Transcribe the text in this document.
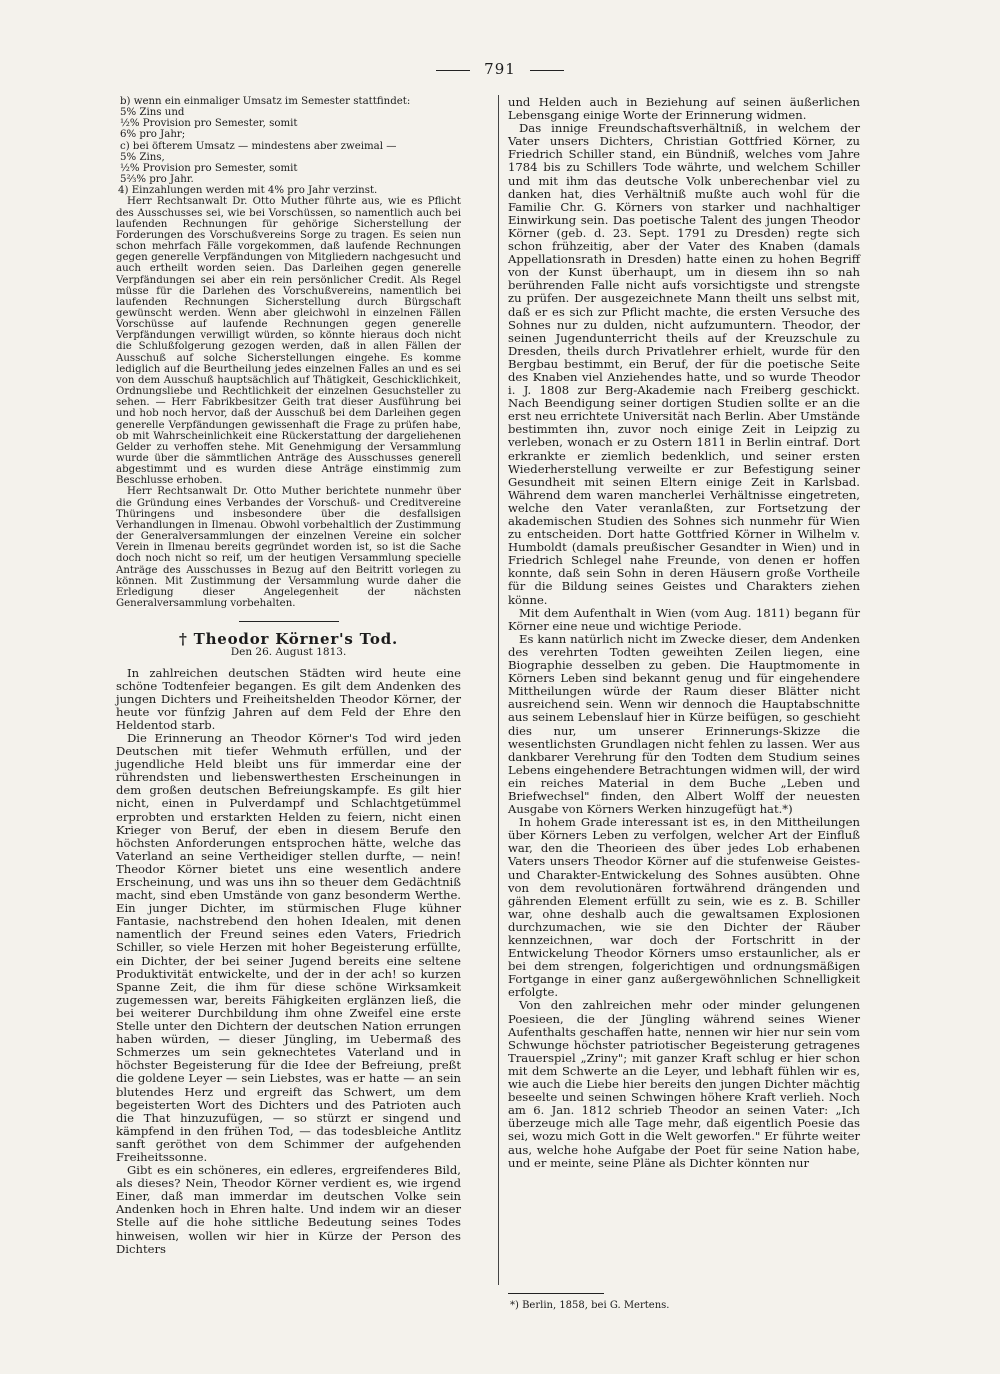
791

b) wenn ein einmaliger Umsatz im Semester stattfindet:

5% Zins und

½% Provision pro Semester, somit

6% pro Jahr;

c) bei öfterem Umsatz — mindestens aber zweimal —

5% Zins,

½% Provision pro Semester, somit

5⅔% pro Jahr.

4) Einzahlungen werden mit 4% pro Jahr verzinst.

Herr Rechtsanwalt Dr. Otto Muther führte aus, wie es Pflicht des Ausschusses sei, wie bei Vorschüssen, so namentlich auch bei laufenden Rechnungen für gehörige Sicherstellung der Forderungen des Vorschußvereins Sorge zu tragen. Es seien nun schon mehrfach Fälle vorgekommen, daß laufende Rechnungen gegen generelle Verpfändungen von Mitgliedern nachgesucht und auch ertheilt worden seien. Das Darleihen gegen generelle Verpfändungen sei aber ein rein persönlicher Credit. Als Regel müsse für die Darlehen des Vorschußvereins, namentlich bei laufenden Rechnungen Sicherstellung durch Bürgschaft gewünscht werden. Wenn aber gleichwohl in einzelnen Fällen Vorschüsse auf laufende Rechnungen gegen generelle Verpfändungen verwilligt würden, so könnte hieraus doch nicht die Schlußfolgerung gezogen werden, daß in allen Fällen der Ausschuß auf solche Sicherstellungen eingehe. Es komme lediglich auf die Beurtheilung jedes einzelnen Falles an und es sei von dem Ausschuß hauptsächlich auf Thätigkeit, Geschicklichkeit, Ordnungsliebe und Rechtlichkeit der einzelnen Gesuchsteller zu sehen. — Herr Fabrikbesitzer Geith trat dieser Ausführung bei und hob noch hervor, daß der Ausschuß bei dem Darleihen gegen generelle Verpfändungen gewissenhaft die Frage zu prüfen habe, ob mit Wahrscheinlichkeit eine Rückerstattung der dargeliehenen Gelder zu verhoffen stehe. Mit Genehmigung der Versammlung wurde über die sämmtlichen Anträge des Ausschusses generell abgestimmt und es wurden diese Anträge einstimmig zum Beschlusse erhoben.

Herr Rechtsanwalt Dr. Otto Muther berichtete nunmehr über die Gründung eines Verbandes der Vorschuß- und Creditvereine Thüringens und insbesondere über die desfallsigen Verhandlungen in Ilmenau. Obwohl vorbehaltlich der Zustimmung der Generalversammlungen der einzelnen Vereine ein solcher Verein in Ilmenau bereits gegründet worden ist, so ist die Sache doch noch nicht so reif, um der heutigen Versammlung specielle Anträge des Ausschusses in Bezug auf den Beitritt vorlegen zu können. Mit Zustimmung der Versammlung wurde daher die Erledigung dieser Angelegenheit der nächsten Generalversammlung vorbehalten.

† Theodor Körner's Tod.
Den 26. August 1813.

In zahlreichen deutschen Städten wird heute eine schöne Todtenfeier begangen. Es gilt dem Andenken des jungen Dichters und Freiheitshelden Theodor Körner, der heute vor fünfzig Jahren auf dem Feld der Ehre den Heldentod starb.

Die Erinnerung an Theodor Körner's Tod wird jeden Deutschen mit tiefer Wehmuth erfüllen, und der jugendliche Held bleibt uns für immerdar eine der rührendsten und liebenswerthesten Erscheinungen in dem großen deutschen Befreiungskampfe. Es gilt hier nicht, einen in Pulverdampf und Schlachtgetümmel erprobten und erstarkten Helden zu feiern, nicht einen Krieger von Beruf, der eben in diesem Berufe den höchsten Anforderungen entsprochen hätte, welche das Vaterland an seine Vertheidiger stellen durfte, — nein! Theodor Körner bietet uns eine wesentlich andere Erscheinung, und was uns ihn so theuer dem Gedächtniß macht, sind eben Umstände von ganz besonderm Werthe. Ein junger Dichter, im stürmischen Fluge kühner Fantasie, nachstrebend den hohen Idealen, mit denen namentlich der Freund seines eden Vaters, Friedrich Schiller, so viele Herzen mit hoher Begeisterung erfüllte, ein Dichter, der bei seiner Jugend bereits eine seltene Produktivität entwickelte, und der in der ach! so kurzen Spanne Zeit, die ihm für diese schöne Wirksamkeit zugemessen war, bereits Fähigkeiten erglänzen ließ, die bei weiterer Durchbildung ihm ohne Zweifel eine erste Stelle unter den Dichtern der deutschen Nation errungen haben würden, — dieser Jüngling, im Uebermaß des Schmerzes um sein geknechtetes Vaterland und in höchster Begeisterung für die Idee der Befreiung, preßt die goldene Leyer — sein Liebstes, was er hatte — an sein blutendes Herz und ergreift das Schwert, um dem begeisterten Wort des Dichters und des Patrioten auch die That hinzuzufügen, — so stürzt er singend und kämpfend in den frühen Tod, — das todesbleiche Antlitz sanft geröthet von dem Schimmer der aufgehenden Freiheitssonne.

Gibt es ein schöneres, ein edleres, ergreifenderes Bild, als dieses? Nein, Theodor Körner verdient es, wie irgend Einer, daß man immerdar im deutschen Volke sein Andenken hoch in Ehren halte. Und indem wir an dieser Stelle auf die hohe sittliche Bedeutung seines Todes hinweisen, wollen wir hier in Kürze der Person des Dichters

und Helden auch in Beziehung auf seinen äußerlichen Lebensgang einige Worte der Erinnerung widmen.

Das innige Freundschaftsverhältniß, in welchem der Vater unsers Dichters, Christian Gottfried Körner, zu Friedrich Schiller stand, ein Bündniß, welches vom Jahre 1784 bis zu Schillers Tode währte, und welchem Schiller und mit ihm das deutsche Volk unberechenbar viel zu danken hat, dies Verhältniß mußte auch wohl für die Familie Chr. G. Körners von starker und nachhaltiger Einwirkung sein. Das poetische Talent des jungen Theodor Körner (geb. d. 23. Sept. 1791 zu Dresden) regte sich schon frühzeitig, aber der Vater des Knaben (damals Appellationsrath in Dresden) hatte einen zu hohen Begriff von der Kunst überhaupt, um in diesem ihn so nah berührenden Falle nicht aufs vorsichtigste und strengste zu prüfen. Der ausgezeichnete Mann theilt uns selbst mit, daß er es sich zur Pflicht machte, die ersten Versuche des Sohnes nur zu dulden, nicht aufzumuntern. Theodor, der seinen Jugendunterricht theils auf der Kreuzschule zu Dresden, theils durch Privatlehrer erhielt, wurde für den Bergbau bestimmt, ein Beruf, der für die poetische Seite des Knaben viel Anziehendes hatte, und so wurde Theodor i. J. 1808 zur Berg-Akademie nach Freiberg geschickt. Nach Beendigung seiner dortigen Studien sollte er an die erst neu errichtete Universität nach Berlin. Aber Umstände bestimmten ihn, zuvor noch einige Zeit in Leipzig zu verleben, wonach er zu Ostern 1811 in Berlin eintraf. Dort erkrankte er ziemlich bedenklich, und seiner ersten Wiederherstellung verweilte er zur Befestigung seiner Gesundheit mit seinen Eltern einige Zeit in Karlsbad. Während dem waren mancherlei Verhältnisse eingetreten, welche den Vater veranlaßten, zur Fortsetzung der akademischen Studien des Sohnes sich nunmehr für Wien zu entscheiden. Dort hatte Gottfried Körner in Wilhelm v. Humboldt (damals preußischer Gesandter in Wien) und in Friedrich Schlegel nahe Freunde, von denen er hoffen konnte, daß sein Sohn in deren Häusern große Vortheile für die Bildung seines Geistes und Charakters ziehen könne.

Mit dem Aufenthalt in Wien (vom Aug. 1811) begann für Körner eine neue und wichtige Periode.

Es kann natürlich nicht im Zwecke dieser, dem Andenken des verehrten Todten geweihten Zeilen liegen, eine Biographie desselben zu geben. Die Hauptmomente in Körners Leben sind bekannt genug und für eingehendere Mittheilungen würde der Raum dieser Blätter nicht ausreichend sein. Wenn wir dennoch die Hauptabschnitte aus seinem Lebenslauf hier in Kürze beifügen, so geschieht dies nur, um unserer Erinnerungs-Skizze die wesentlichsten Grundlagen nicht fehlen zu lassen. Wer aus dankbarer Verehrung für den Todten dem Studium seines Lebens eingehendere Betrachtungen widmen will, der wird ein reiches Material in dem Buche „Leben und Briefwechsel" finden, den Albert Wolff der neuesten Ausgabe von Körners Werken hinzugefügt hat.*)

In hohem Grade interessant ist es, in den Mittheilungen über Körners Leben zu verfolgen, welcher Art der Einfluß war, den die Theorieen des über jedes Lob erhabenen Vaters unsers Theodor Körner auf die stufenweise Geistes- und Charakter-Entwickelung des Sohnes ausübten. Ohne von dem revolutionären fortwährend drängenden und gährenden Element erfüllt zu sein, wie es z. B. Schiller war, ohne deshalb auch die gewaltsamen Explosionen durchzumachen, wie sie den Dichter der Räuber kennzeichnen, war doch der Fortschritt in der Entwickelung Theodor Körners umso erstaunlicher, als er bei dem strengen, folgerichtigen und ordnungsmäßigen Fortgange in einer ganz außergewöhnlichen Schnelligkeit erfolgte.

Von den zahlreichen mehr oder minder gelungenen Poesieen, die der Jüngling während seines Wiener Aufenthalts geschaffen hatte, nennen wir hier nur sein vom Schwunge höchster patriotischer Begeisterung getragenes Trauerspiel „Zriny"; mit ganzer Kraft schlug er hier schon mit dem Schwerte an die Leyer, und lebhaft fühlen wir es, wie auch die Liebe hier bereits den jungen Dichter mächtig beseelte und seinen Schwingen höhere Kraft verlieh. Noch am 6. Jan. 1812 schrieb Theodor an seinen Vater: „Ich überzeuge mich alle Tage mehr, daß eigentlich Poesie das sei, wozu mich Gott in die Welt geworfen." Er führte weiter aus, welche hohe Aufgabe der Poet für seine Nation habe, und er meinte, seine Pläne als Dichter könnten nur

*) Berlin, 1858, bei G. Mertens.
